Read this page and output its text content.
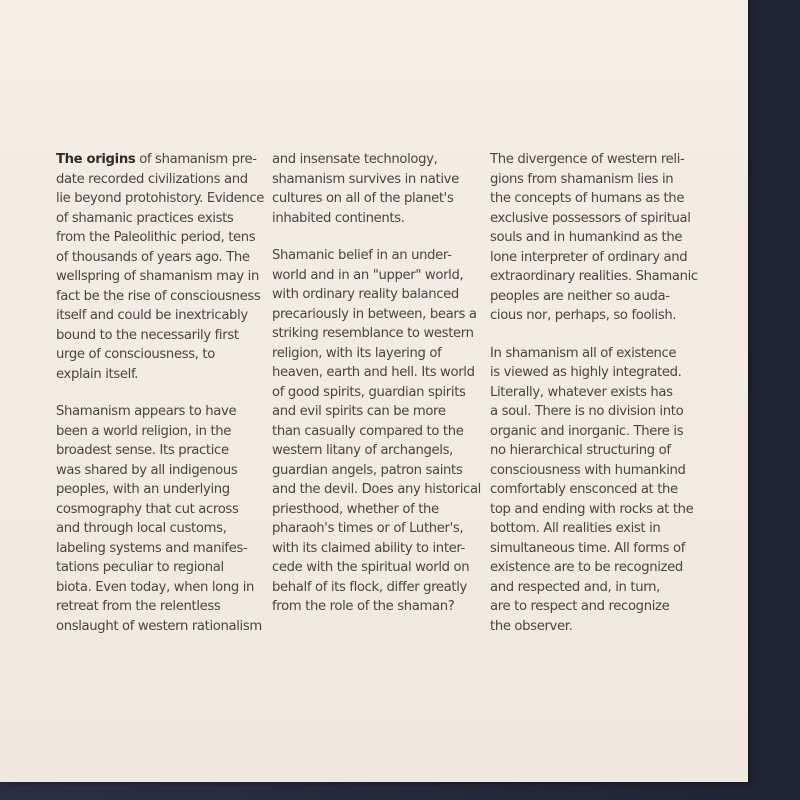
The origins of shamanism pre-
date recorded civilizations and
lie beyond protohistory. Evidence
of shamanic practices exists
from the Paleolithic period, tens
of thousands of years ago. The
wellspring of shamanism may in
fact be the rise of consciousness
itself and could be inextricably
bound to the necessarily first
urge of consciousness, to
explain itself.

Shamanism appears to have
been a world religion, in the
broadest sense. Its practice
was shared by all indigenous
peoples, with an underlying
cosmography that cut across
and through local customs,
labeling systems and manifes-
tations peculiar to regional
biota. Even today, when long in
retreat from the relentless
onslaught of western rationalism

and insensate technology,
shamanism survives in native
cultures on all of the planet's
inhabited continents.

Shamanic belief in an under-
world and in an "upper" world,
with ordinary reality balanced
precariously in between, bears a
striking resemblance to western
religion, with its layering of
heaven, earth and hell. Its world
of good spirits, guardian spirits
and evil spirits can be more
than casually compared to the
western litany of archangels,
guardian angels, patron saints
and the devil. Does any historical
priesthood, whether of the
pharaoh's times or of Luther's,
with its claimed ability to inter-
cede with the spiritual world on
behalf of its flock, differ greatly
from the role of the shaman?

The divergence of western reli-
gions from shamanism lies in
the concepts of humans as the
exclusive possessors of spiritual
souls and in humankind as the
lone interpreter of ordinary and
extraordinary realities. Shamanic
peoples are neither so auda-
cious nor, perhaps, so foolish.

In shamanism all of existence
is viewed as highly integrated.
Literally, whatever exists has
a soul. There is no division into
organic and inorganic. There is
no hierarchical structuring of
consciousness with humankind
comfortably ensconced at the
top and ending with rocks at the
bottom. All realities exist in
simultaneous time. All forms of
existence are to be recognized
and respected and, in turn,
are to respect and recognize
the observer.
